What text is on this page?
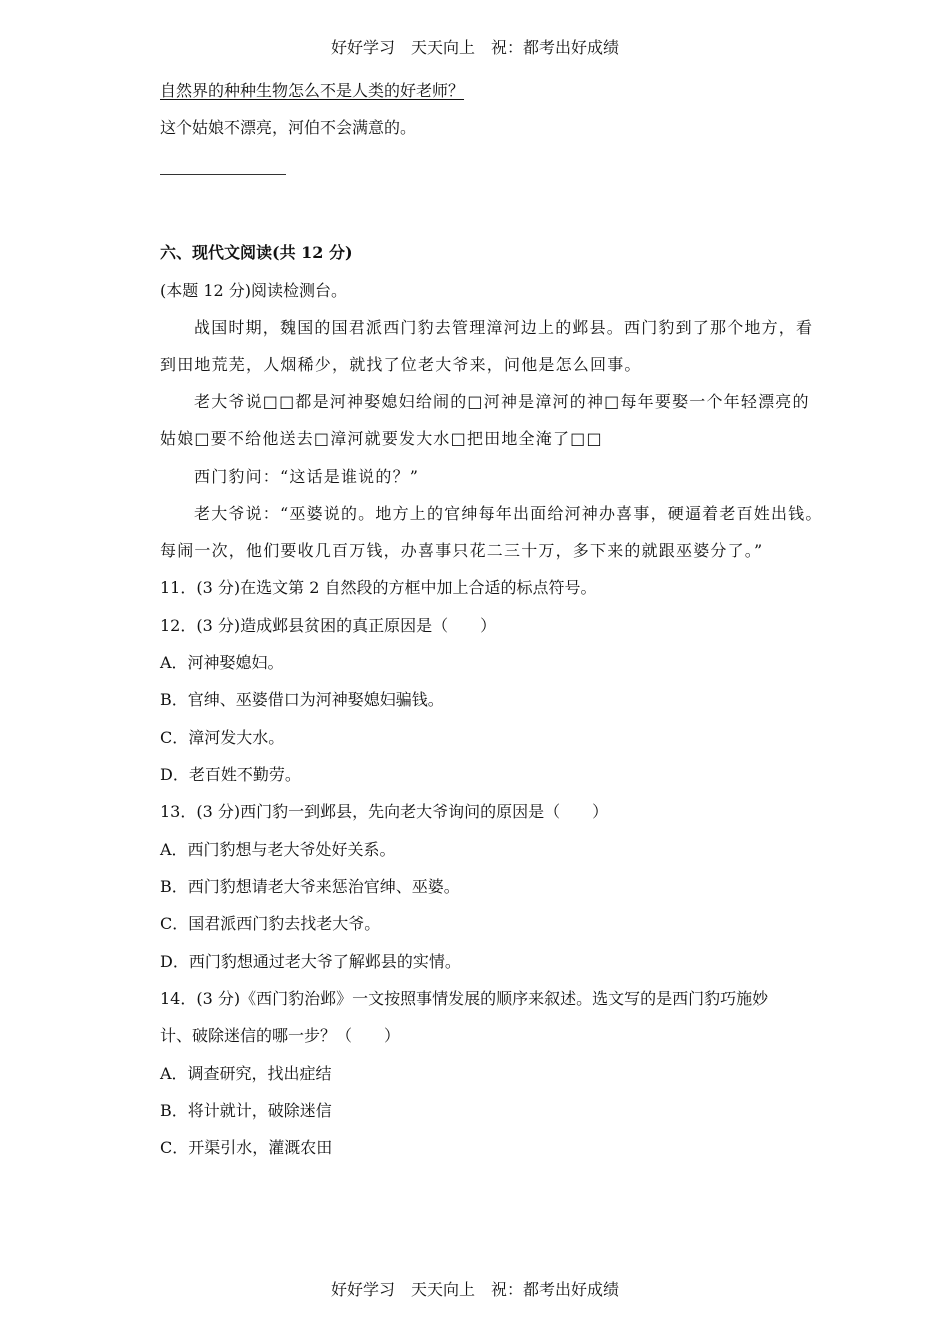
好好学习　天天向上　祝：都考出好成绩
自然界的种种生物怎么不是人类的好老师？
这个姑娘不漂亮，河伯不会满意的。
六、现代文阅读(共 12 分)
(本题 12 分)阅读检测台。
战国时期，魏国的国君派西门豹去管理漳河边上的邺县。西门豹到了那个地方，看
到田地荒芜，人烟稀少，就找了位老大爷来，问他是怎么回事。
老大爷说□□都是河神娶媳妇给闹的□河神是漳河的神□每年要娶一个年轻漂亮的
姑娘□要不给他送去□漳河就要发大水□把田地全淹了□□
西门豹问：“这话是谁说的？”
老大爷说：“巫婆说的。地方上的官绅每年出面给河神办喜事，硬逼着老百姓出钱。
每闹一次，他们要收几百万钱，办喜事只花二三十万，多下来的就跟巫婆分了。”
11．(3 分)在选文第 2 自然段的方框中加上合适的标点符号。
12．(3 分)造成邺县贫困的真正原因是（　　）
A．河神娶媳妇。
B．官绅、巫婆借口为河神娶媳妇骗钱。
C．漳河发大水。
D．老百姓不勤劳。
13．(3 分)西门豹一到邺县，先向老大爷询问的原因是（　　）
A．西门豹想与老大爷处好关系。
B．西门豹想请老大爷来惩治官绅、巫婆。
C．国君派西门豹去找老大爷。
D．西门豹想通过老大爷了解邺县的实情。
14．(3 分)《西门豹治邺》一文按照事情发展的顺序来叙述。选文写的是西门豹巧施妙
计、破除迷信的哪一步？（　　）
A．调查研究，找出症结
B．将计就计，破除迷信
C．开渠引水，灌溉农田
好好学习　天天向上　祝：都考出好成绩
